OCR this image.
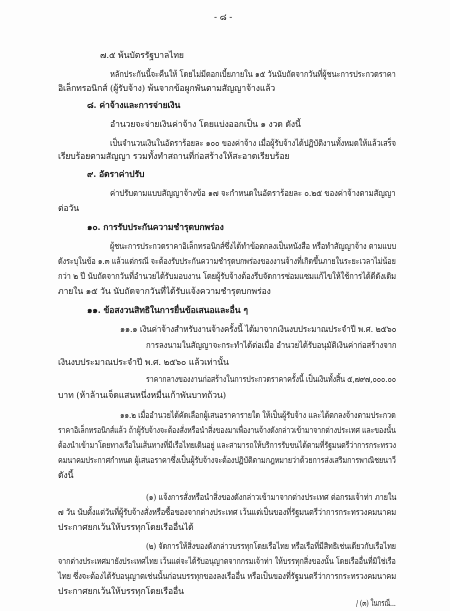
- ๘ -
๗.๕ พ้นบัตรรัฐบาลไทย
หลักประกันนี้จะคืนให้ โดยไม่มีดอกเบี้ยภายใน ๑๕ วันนับถัดจากวันที่ผู้ชนะการประกวดราคา
อิเล็กทรอนิกส์ (ผู้รับจ้าง) พ้นจากข้อผูกพันตามสัญญาจ้างแล้ว
๘. ค่าจ้างและการจ่ายเงิน
อำนวยจะจ่ายเงินค่าจ้าง โดยแบ่งออกเป็น ๑ งวด ดังนี้
เป็นจำนวนเงินในอัตราร้อยละ ๑๐๐ ของค่าจ้าง เมื่อผู้รับจ้างได้ปฏิบัติงานทั้งหมดให้แล้วเสร็จ
เรียบร้อยตามสัญญา รวมทั้งทำสถานที่ก่อสร้างให้สะอาดเรียบร้อย
๙. อัตราค่าปรับ
ค่าปรับตามแบบสัญญาจ้างข้อ ๑๗ จะกำหนดในอัตราร้อยละ ๐.๒๕ ของค่าจ้างตามสัญญา
ต่อวัน
๑๐. การรับประกันความชำรุดบกพร่อง
ผู้ชนะการประกวดราคาอิเล็กทรอนิกส์ซึ่งได้ทำข้อตกลงเป็นหนังสือ หรือทำสัญญาจ้าง ตามแบบ
ดังระบุในข้อ ๑.๓ แล้วแต่กรณี จะต้องรับประกันความชำรุดบกพร่องของงานจ้างที่เกิดขึ้นภายในระยะเวลาไม่น้อย
กว่า ๒ ปี นับถัดจากวันที่อำนวยได้รับมอบงาน โดยผู้รับจ้างต้องรีบจัดการซ่อมแซมแก้ไขให้ใช้การได้ดีดังเดิม
ภายใน ๑๕ วัน นับถัดจากวันที่ได้รับแจ้งความชำรุดบกพร่อง
๑๑. ข้อสงวนสิทธิในการยื่นข้อเสนอและอื่น ๆ
๑๑.๑ เงินค่าจ้างสำหรับงานจ้างครั้งนี้ ได้มาจากเงินงบประมาณประจำปี พ.ศ. ๒๕๖๐
การลงนามในสัญญาจะกระทำได้ต่อเมื่อ อำนวยได้รับอนุมัติเงินค่าก่อสร้างจาก
เงินงบประมาณประจำปี พ.ศ. ๒๕๖๐ แล้วเท่านั้น
ราคากลางของงานก่อสร้างในการประกวดราคาครั้งนี้ เป็นเงินทั้งสิ้น ๕,๗๙๗,๐๐๐.๐๐
บาท (ห้าล้านเจ็ดแสนหนึ่งหมื่นเก้าพันบาทถ้วน)
๑๑.๒ เมื่ออำนวยได้คัดเลือกผู้เสนอราคารายใด ให้เป็นผู้รับจ้าง และได้ตกลงจ้างตามประกวด
ราคาอิเล็กทรอนิกส์แล้ว ถ้าผู้รับจ้างจะต้องสั่งหรือนำสิ่งของมาเพื่องานจ้างดังกล่าวเข้ามาจากต่างประเทศ และของนั้น
ต้องนำเข้ามาโดยทางเรือในเส้นทางที่มีเรือไทยเดินอยู่ และสามารถให้บริการรับขนได้ตามที่รัฐมนตรีว่าการกระทรวง
คมนาคมประกาศกำหนด ผู้เสนอราคาซึ่งเป็นผู้รับจ้างจะต้องปฏิบัติตามกฎหมายว่าด้วยการส่งเสริมการพาณิชยนาวี
ดังนี้
(๑) แจ้งการสั่งหรือนำสิ่งของดังกล่าวเข้ามาจากต่างประเทศ ต่อกรมเจ้าท่า ภายใน
๗ วัน นับตั้งแต่วันที่ผู้รับจ้างสั่งหรือซื้อของจากต่างประเทศ เว้นแต่เป็นของที่รัฐมนตรีว่าการกระทรวงคมนาคม
ประกาศยกเว้นให้บรรทุกโดยเรืออื่นได้
(๒) จัดการให้สิ่งของดังกล่าวบรรทุกโดยเรือไทย หรือเรือที่มีสิทธิเช่นเดียวกับเรือไทย
จากต่างประเทศมายังประเทศไทย เว้นแต่จะได้รับอนุญาตจากกรมเจ้าท่า ให้บรรทุกสิ่งของนั้น โดยเรืออื่นที่มิใช่เรือ
ไทย ซึ่งจะต้องได้รับอนุญาตเช่นนั้นก่อนบรรทุกของลงเรืออื่น หรือเป็นของที่รัฐมนตรีว่าการกระทรวงคมนาคม
ประกาศยกเว้นให้บรรทุกโดยเรืออื่น
/ (๓) ในกรณี...
